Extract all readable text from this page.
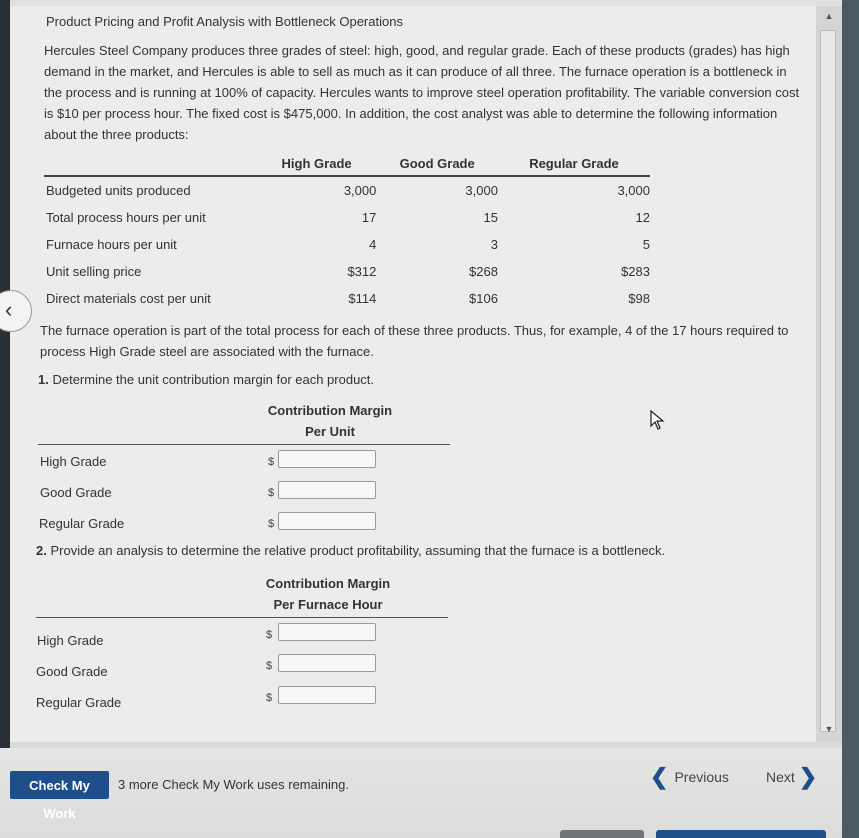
Product Pricing and Profit Analysis with Bottleneck Operations
Hercules Steel Company produces three grades of steel: high, good, and regular grade. Each of these products (grades) has high demand in the market, and Hercules is able to sell as much as it can produce of all three. The furnace operation is a bottleneck in the process and is running at 100% of capacity. Hercules wants to improve steel operation profitability. The variable conversion cost is $10 per process hour. The fixed cost is $475,000. In addition, the cost analyst was able to determine the following information about the three products:
	High Grade	Good Grade	Regular Grade
Budgeted units produced	3,000	3,000	3,000
Total process hours per unit	17	15	12
Furnace hours per unit	4	3	5
Unit selling price	$312	$268	$283
Direct materials cost per unit	$114	$106	$98
The furnace operation is part of the total process for each of these three products. Thus, for example, 4 of the 17 hours required to process High Grade steel are associated with the furnace.
1. Determine the unit contribution margin for each product.
Contribution Margin
Per Unit
High Grade	$
Good Grade	$
Regular Grade	$
2. Provide an analysis to determine the relative product profitability, assuming that the furnace is a bottleneck.
Contribution Margin
Per Furnace Hour
High Grade	$
Good Grade	$
Regular Grade	$
‹
▲
▼
Check My Work
3 more Check My Work uses remaining.	❮ Previous	Next ❯
